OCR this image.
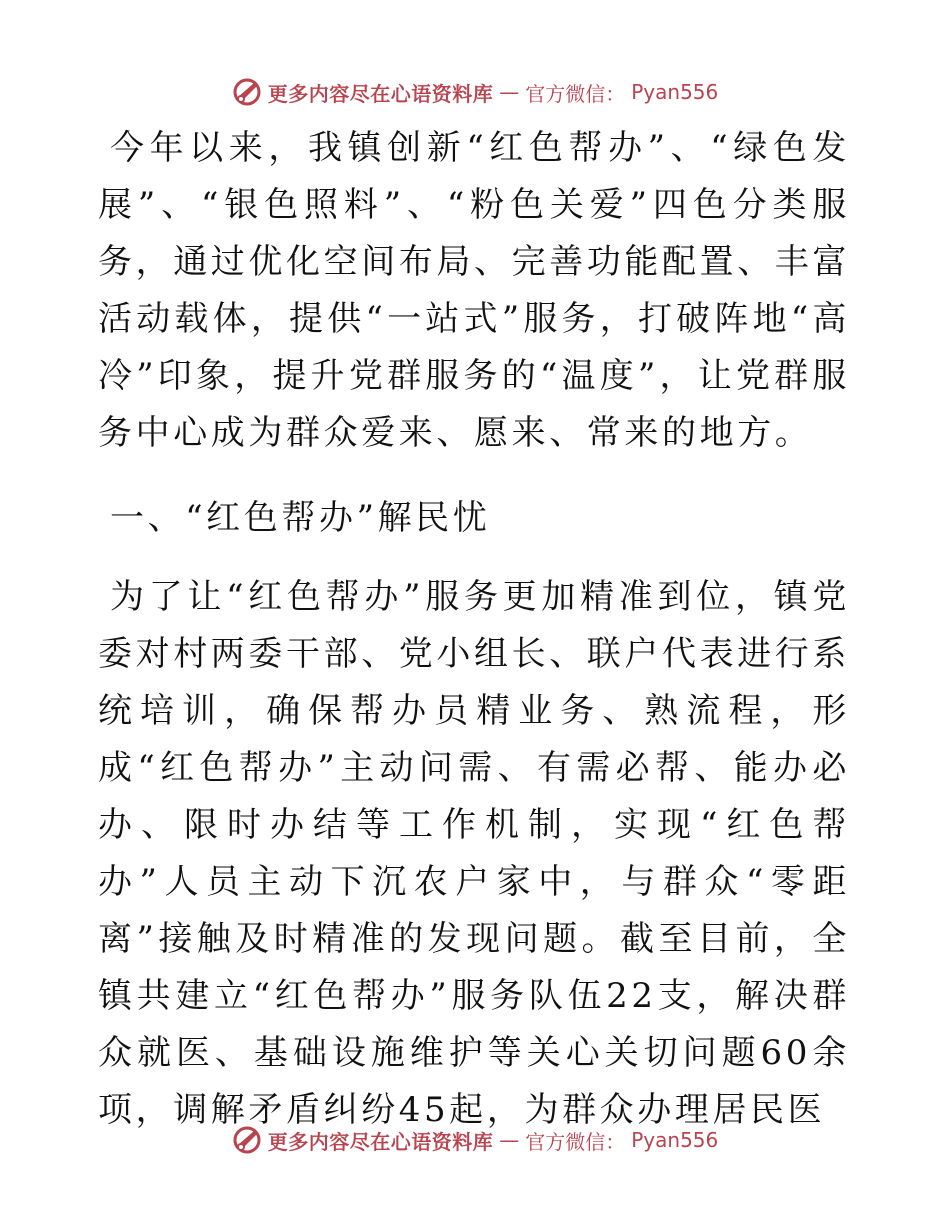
更多内容尽在心语资料库 — 官方微信： Pyan556

今年以来，我镇创新“红色帮办”、“绿色发展”、“银色照料”、“粉色关爱”四色分类服务，通过优化空间布局、完善功能配置、丰富活动载体，提供“一站式”服务，打破阵地“高冷”印象，提升党群服务的“温度”，让党群服务中心成为群众爱来、愿来、常来的地方。

一、“红色帮办”解民忧

为了让“红色帮办”服务更加精准到位，镇党委对村两委干部、党小组长、联户代表进行系统培训，确保帮办员精业务、熟流程，形成“红色帮办”主动问需、有需必帮、能办必办、限时办结等工作机制，实现“红色帮办”人员主动下沉农户家中，与群众“零距离”接触及时精准的发现问题。截至目前，全镇共建立“红色帮办”服务队伍22支，解决群众就医、基础设施维护等关心关切问题60余项，调解矛盾纠纷45起，为群众办理居民医

更多内容尽在心语资料库 — 官方微信： Pyan556
